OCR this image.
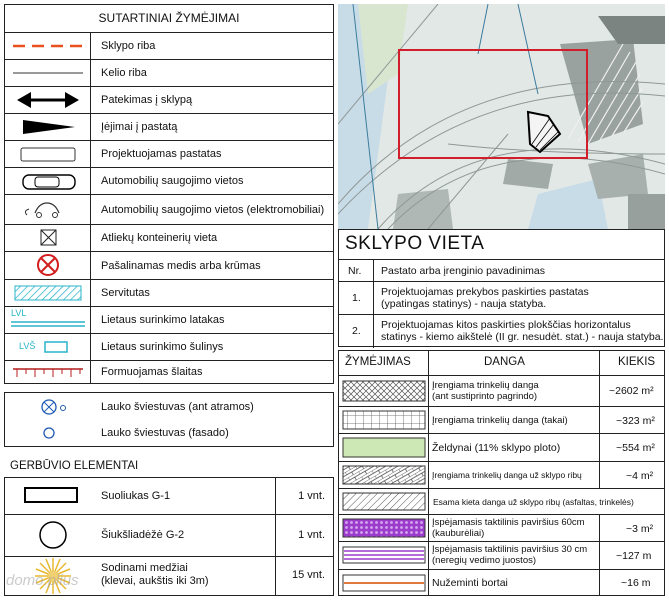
SUTARTINIAI ŽYMĖJIMAI
Sklypo riba
Kelio riba
Patekimas į sklypą
Įėjimai į pastatą
Projektuojamas pastatas
Automobilių saugojimo vietos
Automobilių saugojimo vietos (elektromobiliai)
Atliekų konteinerių vieta
Pašalinamas medis arba krūmas
Servitutas
LVL
Lietaus surinkimo latakas
LVŠ	Lietaus surinkimo šulinys
Formuojamas šlaitas
Lauko šviestuvas (ant atramos)
Lauko šviestuvas (fasado)
GERBŪVIO ELEMENTAI
Suoliukas G-1	1 vnt.
Šiukšliadėžė G-2	1 vnt.
Sodinami medžiai
(klevai, aukštis iki 3m)	15 vnt.
SKLYPO VIETA
Nr. Pastato arba įrenginio pavadinimas
1. Projektuojamas prekybos paskirties pastatas
(ypatingas statinys) - nauja statyba.
2. Projektuojamas kitos paskirties plokščias horizontalus
statinys - kiemo aikštelė (II gr. nesudėt. stat.) - nauja statyba.
ŽYMĖJIMAS	DANGA	KIEKIS
Įrengiama trinkelių danga
(ant sustiprinto pagrindo)	~2602 m²
Įrengiama trinkelių danga (takai)	~323 m²
Želdynai (11% sklypo ploto)	~554 m²
Įrengiama trinkelių danga už sklypo ribų	~4 m²
Esama kieta danga už sklypo ribų (asfaltas, trinkelės)
Įspėjamasis taktilinis paviršius 60cm
(kauburėliai)	~3 m²
Įspėjamasis taktilinis paviršius 30 cm
(neregių vedimo juostos)	~127 m
Nužeminti bortai	~16 m
domo.plius
